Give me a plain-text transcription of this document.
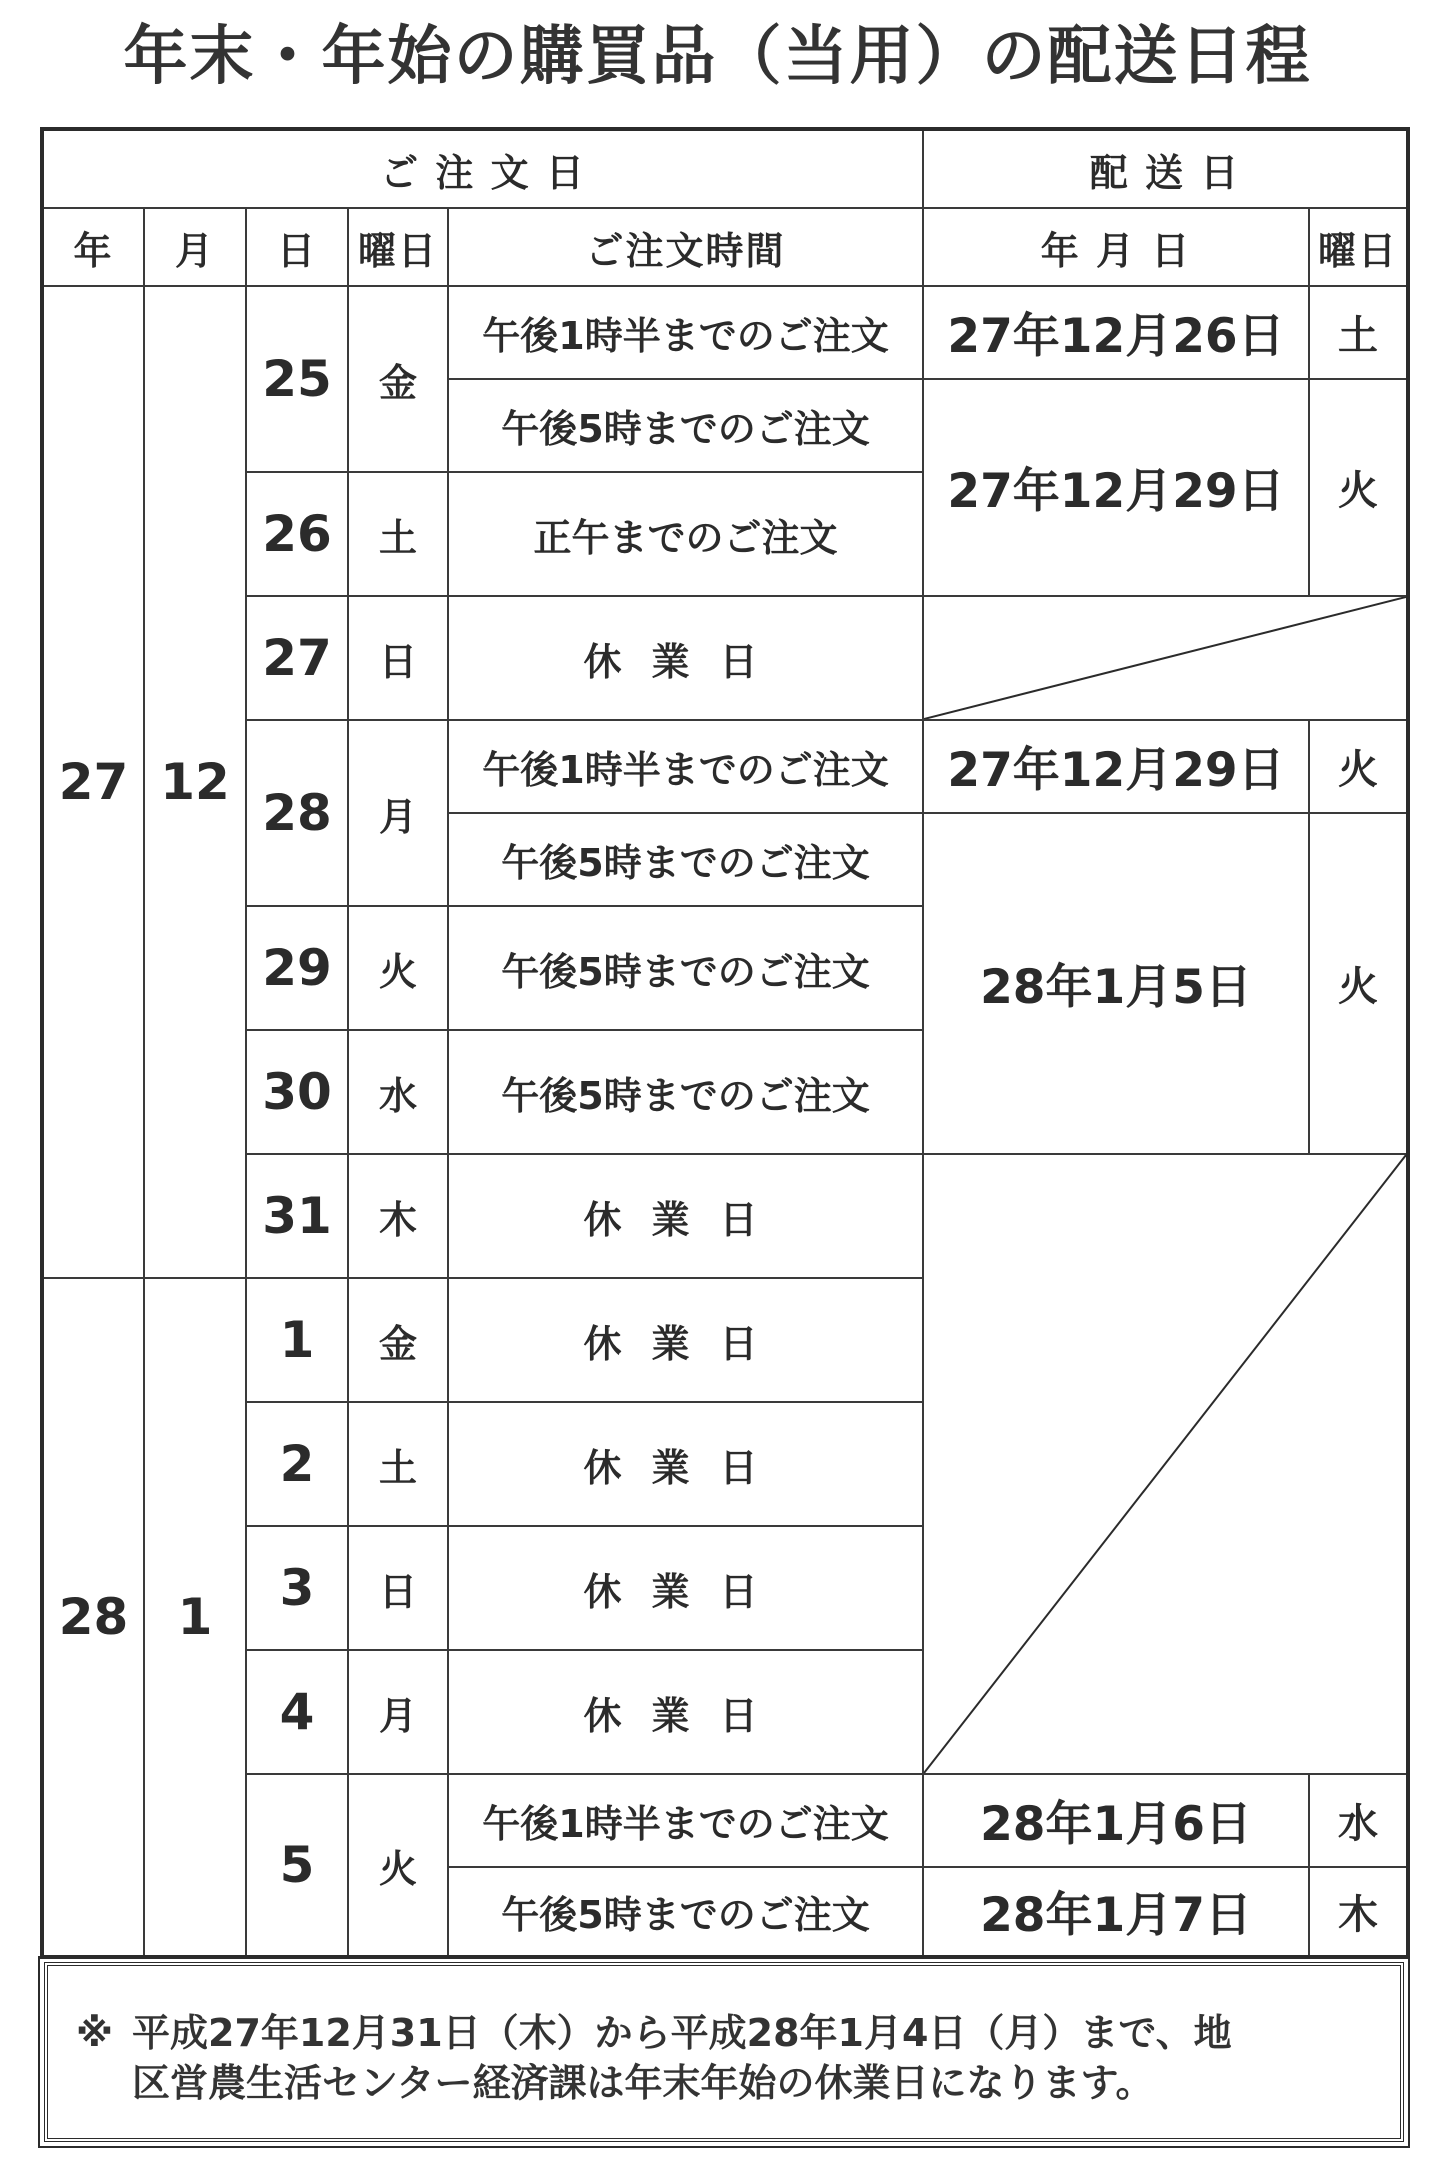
年末・年始の購買品（当用）の配送日程
ご 注 文 日					配 送 日	
年	月	日	曜日	ご注文時間	年 月 日	曜日
27	12	25	金	午後1時半までのご注文	27年12月26日	土
				午後5時までのご注文	27年12月29日	火
		26	土	正午までのご注文		
		27	日	休業日	

		28	月	午後1時半までのご注文	27年12月29日	火
				午後5時までのご注文	28年1月5日	火
		29	火	午後5時までのご注文		
		30	水	午後5時までのご注文		
		31	木	休業日	

28	1	1	金	休業日		
		2	土	休業日		
		3	日	休業日		
		4	月	休業日		
		5	火	午後1時半までのご注文	28年1月6日	水
				午後5時までのご注文	28年1月7日	木
※ 平成27年12月31日（木）から平成28年1月4日（月）まで、地
区営農生活センター経済課は年末年始の休業日になります。
